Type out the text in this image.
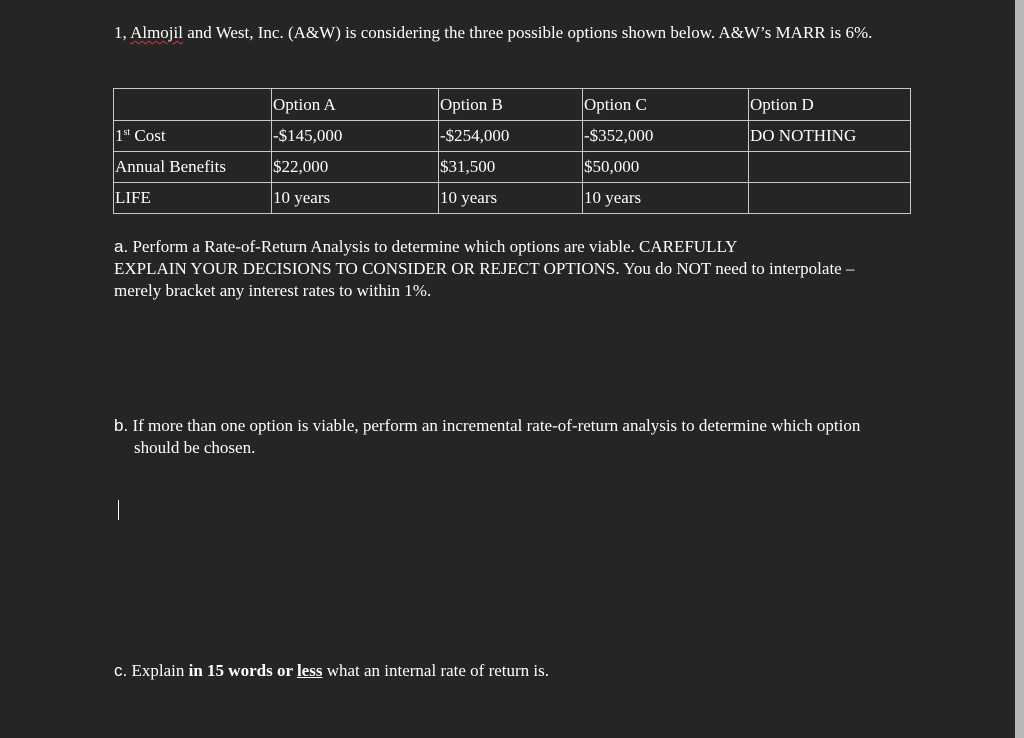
1, Almojil and West, Inc. (A&W) is considering the three possible options shown below. A&W’s MARR is 6%.
	Option A	Option B	Option C	Option D
1st Cost	-$145,000	-$254,000	-$352,000	DO NOTHING
Annual Benefits	$22,000	$31,500	$50,000	
LIFE	10 years	10 years	10 years	
a. Perform a Rate-of-Return Analysis to determine which options are viable. CAREFULLY
EXPLAIN YOUR DECISIONS TO CONSIDER OR REJECT OPTIONS. You do NOT need to interpolate –
merely bracket any interest rates to within 1%.
b. If more than one option is viable, perform an incremental rate-of-return analysis to determine which option
should be chosen.
c. Explain in 15 words or less what an internal rate of return is.
